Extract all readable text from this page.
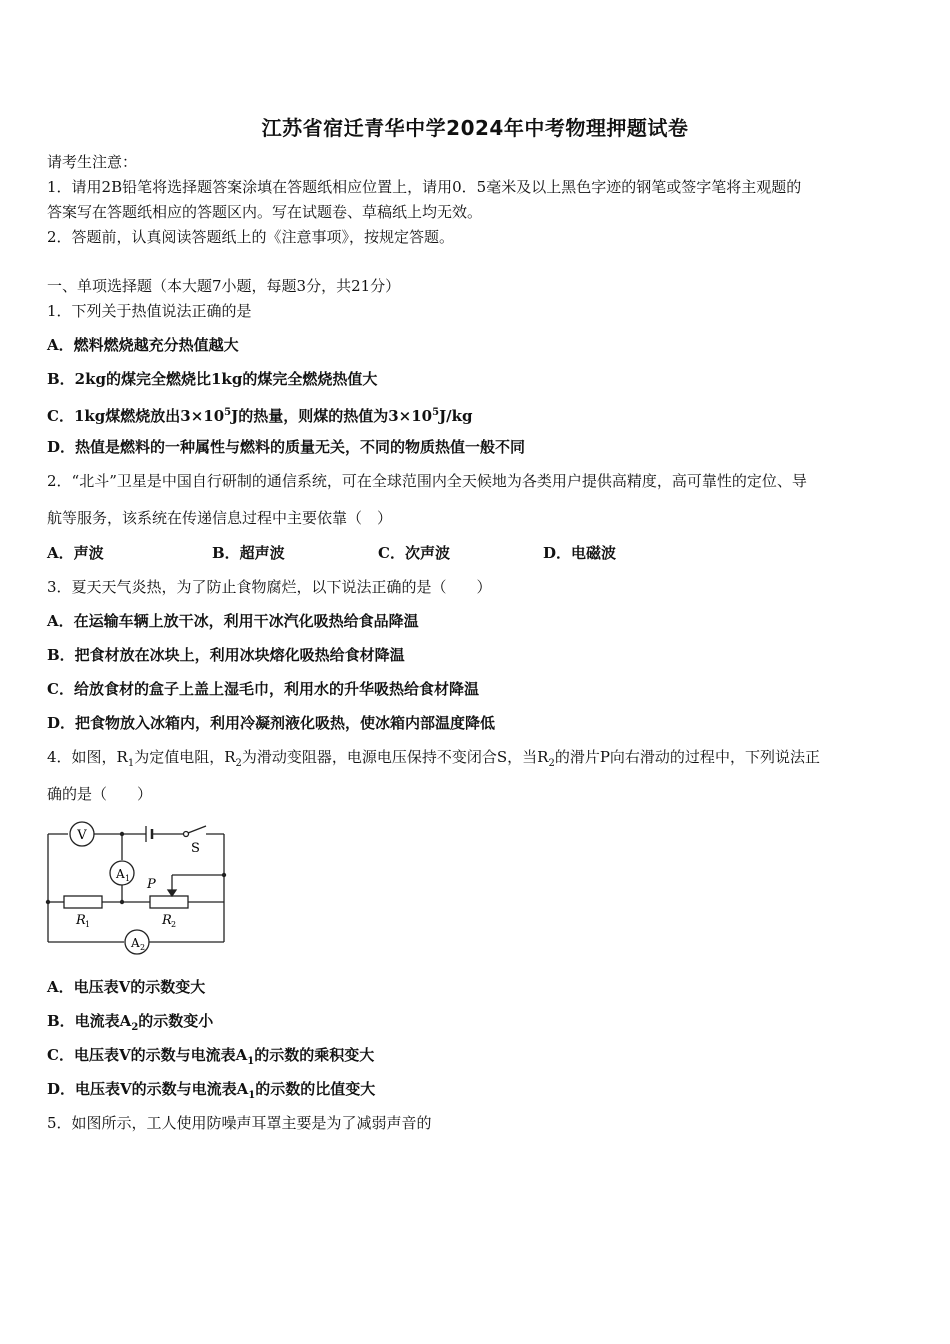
江苏省宿迁青华中学2024年中考物理押题试卷
请考生注意：
1．请用2B铅笔将选择题答案涂填在答题纸相应位置上，请用0．5毫米及以上黑色字迹的钢笔或签字笔将主观题的
答案写在答题纸相应的答题区内。写在试题卷、草稿纸上均无效。
2．答题前，认真阅读答题纸上的《注意事项》，按规定答题。
一、单项选择题（本大题7小题，每题3分，共21分）
1．下列关于热值说法正确的是
A．燃料燃烧越充分热值越大
B．2kg的煤完全燃烧比1kg的煤完全燃烧热值大
C．1kg煤燃烧放出$3\times 10^5J$的热量，则煤的热值为$3\times 10^5J/kg$
D．热值是燃料的一种属性与燃料的质量无关，不同的物质热值一般不同
2．“北斗”卫星是中国自行研制的通信系统，可在全球范围内全天候地为各类用户提供高精度，高可靠性的定位、导
航等服务，该系统在传递信息过程中主要依靠（　）
A．声波	B．超声波	C．次声波	D．电磁波
3．夏天天气炎热，为了防止食物腐烂，以下说法正确的是（　　）
A．在运输车辆上放干冰，利用干冰汽化吸热给食品降温
B．把食材放在冰块上，利用冰块熔化吸热给食材降温
C．给放食材的盒子上盖上湿毛巾，利用水的升华吸热给食材降温
D．把食物放入冰箱内，利用冷凝剂液化吸热，使冰箱内部温度降低
4．如图，$R_1$为定值电阻，$R_2$为滑动变阻器，电源电压保持不变闭合S，当$R_2$的滑片P向右滑动的过程中，下列说法正
确的是（　　）
V
A 1
A 2
S
P
R 1	R 2
A．电压表V的示数变大
B．电流表$A_2$的示数变小
C．电压表V的示数与电流表$A_1$的示数的乘积变大
D．电压表V的示数与电流表$A_1$的示数的比值变大
5．如图所示，工人使用防噪声耳罩主要是为了减弱声音的
